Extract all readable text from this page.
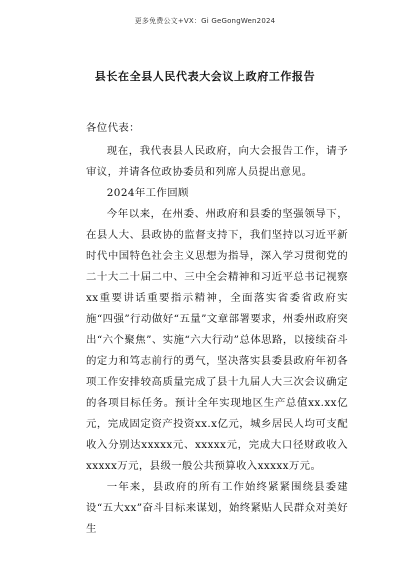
更多免费公文+VX：Gi GeGongWen2024
县长在全县人民代表大会议上政府工作报告

各位代表：

现在，我代表县人民政府，向大会报告工作，请予审议，并请各位政协委员和列席人员提出意见。

2024年工作回顾

今年以来，在州委、州政府和县委的坚强领导下，在县人大、县政协的监督支持下，我们坚持以习近平新时代中国特色社会主义思想为指导，深入学习贯彻党的二十大二十届二中、三中全会精神和习近平总书记视察xx重要讲话重要指示精神，全面落实省委省政府实施“四强”行动做好“五量”文章部署要求，州委州政府突出“六个聚焦”、实施“六大行动”总体思路，以接续奋斗的定力和笃志前行的勇气，坚决落实县委县政府年初各项工作安排较高质量完成了县十九届人大三次会议确定的各项目标任务。预计全年实现地区生产总值xx.xx亿元，完成固定资产投资xx.x亿元，城乡居民人均可支配收入分别达xxxxx元、xxxxx元，完成大口径财政收入xxxxx万元，县级一般公共预算收入xxxxx万元。

一年来，县政府的所有工作始终紧紧围绕县委建设“五大xx”奋斗目标来谋划，始终紧贴人民群众对美好生
